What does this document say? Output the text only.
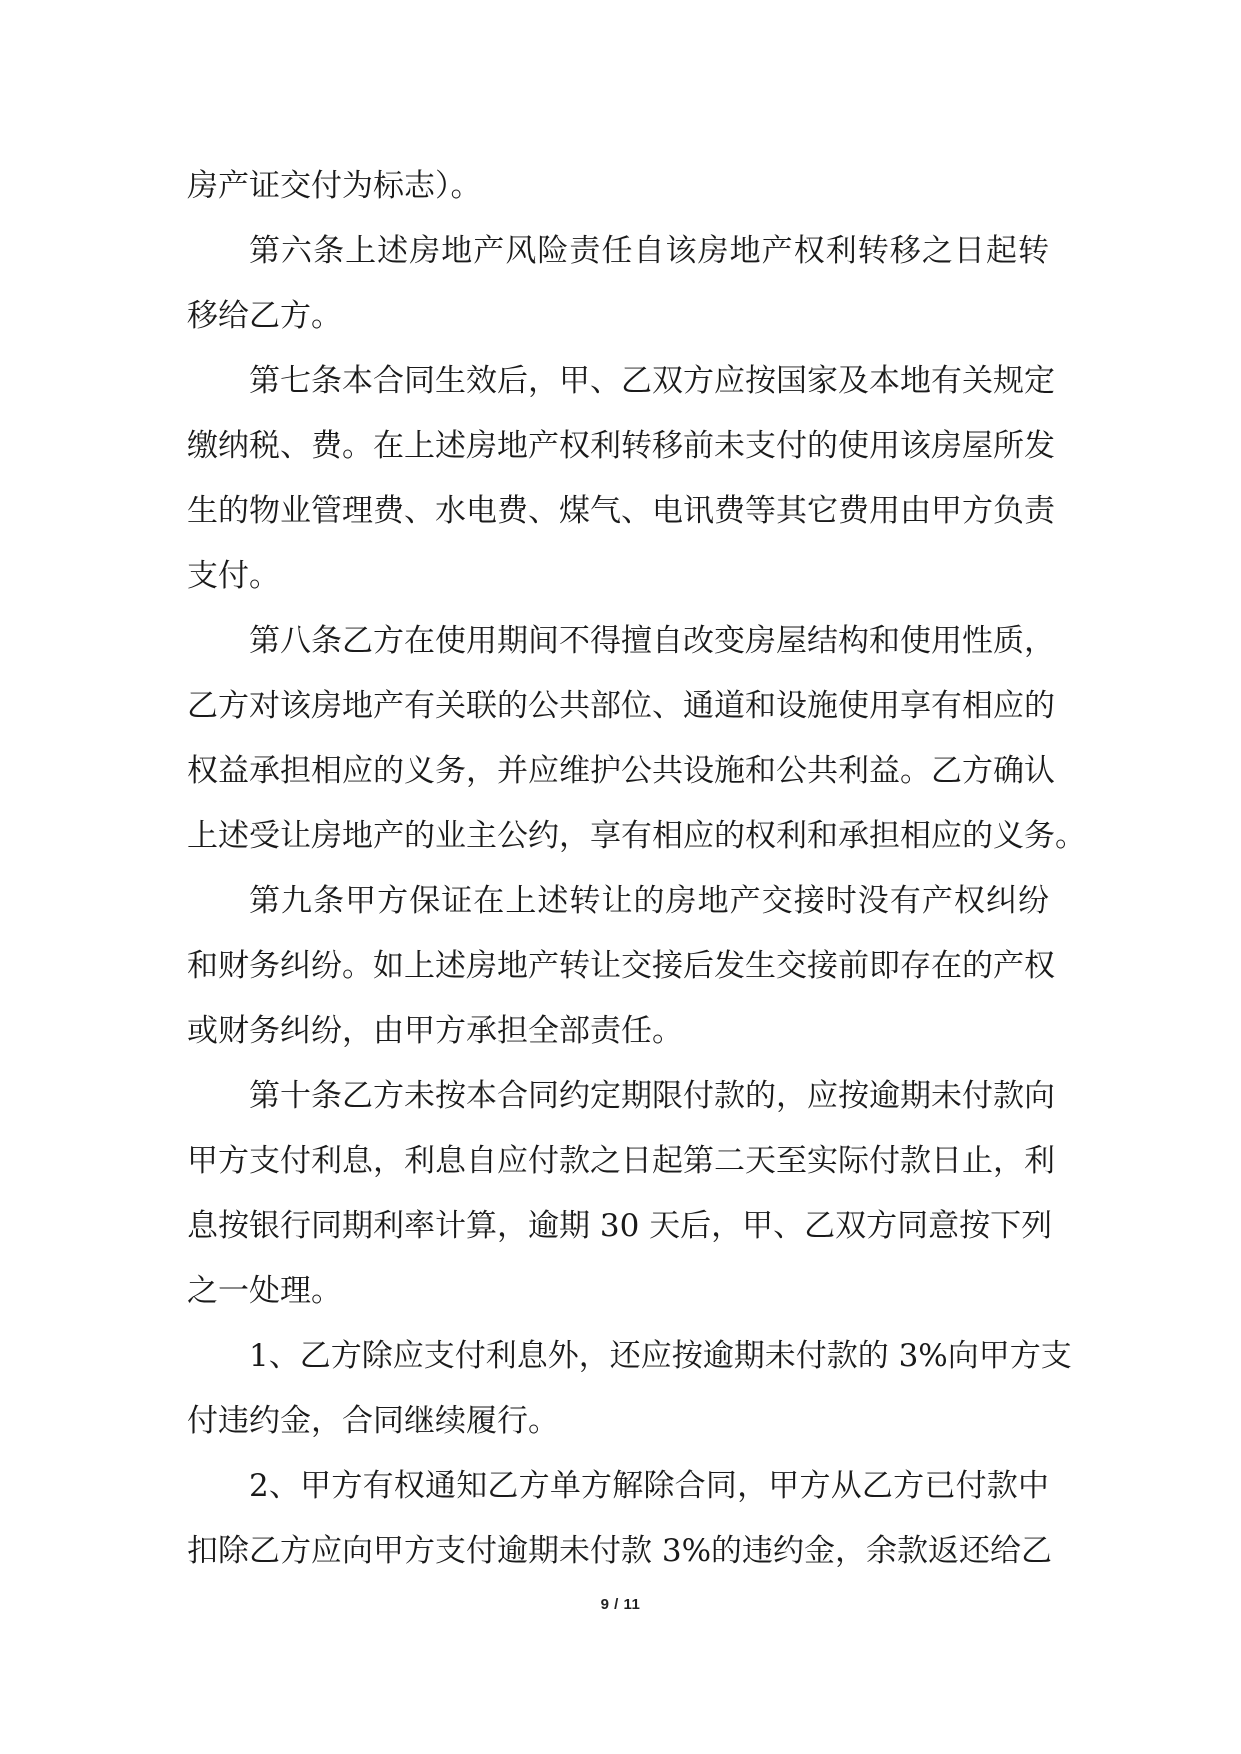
房产证交付为标志）。
第六条上述房地产风险责任自该房地产权利转移之日起转
移给乙方。
第七条本合同生效后，甲、乙双方应按国家及本地有关规定
缴纳税、费。在上述房地产权利转移前未支付的使用该房屋所发
生的物业管理费、水电费、煤气、电讯费等其它费用由甲方负责
支付。
第八条乙方在使用期间不得擅自改变房屋结构和使用性质，
乙方对该房地产有关联的公共部位、通道和设施使用享有相应的
权益承担相应的义务，并应维护公共设施和公共利益。乙方确认
上述受让房地产的业主公约，享有相应的权利和承担相应的义务。
第九条甲方保证在上述转让的房地产交接时没有产权纠纷
和财务纠纷。如上述房地产转让交接后发生交接前即存在的产权
或财务纠纷，由甲方承担全部责任。
第十条乙方未按本合同约定期限付款的，应按逾期未付款向
甲方支付利息，利息自应付款之日起第二天至实际付款日止，利
息按银行同期利率计算，逾期 30 天后，甲、乙双方同意按下列
之一处理。
1、乙方除应支付利息外，还应按逾期未付款的 3%向甲方支
付违约金，合同继续履行。
2、甲方有权通知乙方单方解除合同，甲方从乙方已付款中
扣除乙方应向甲方支付逾期未付款 3%的违约金，余款返还给乙
9 / 11
